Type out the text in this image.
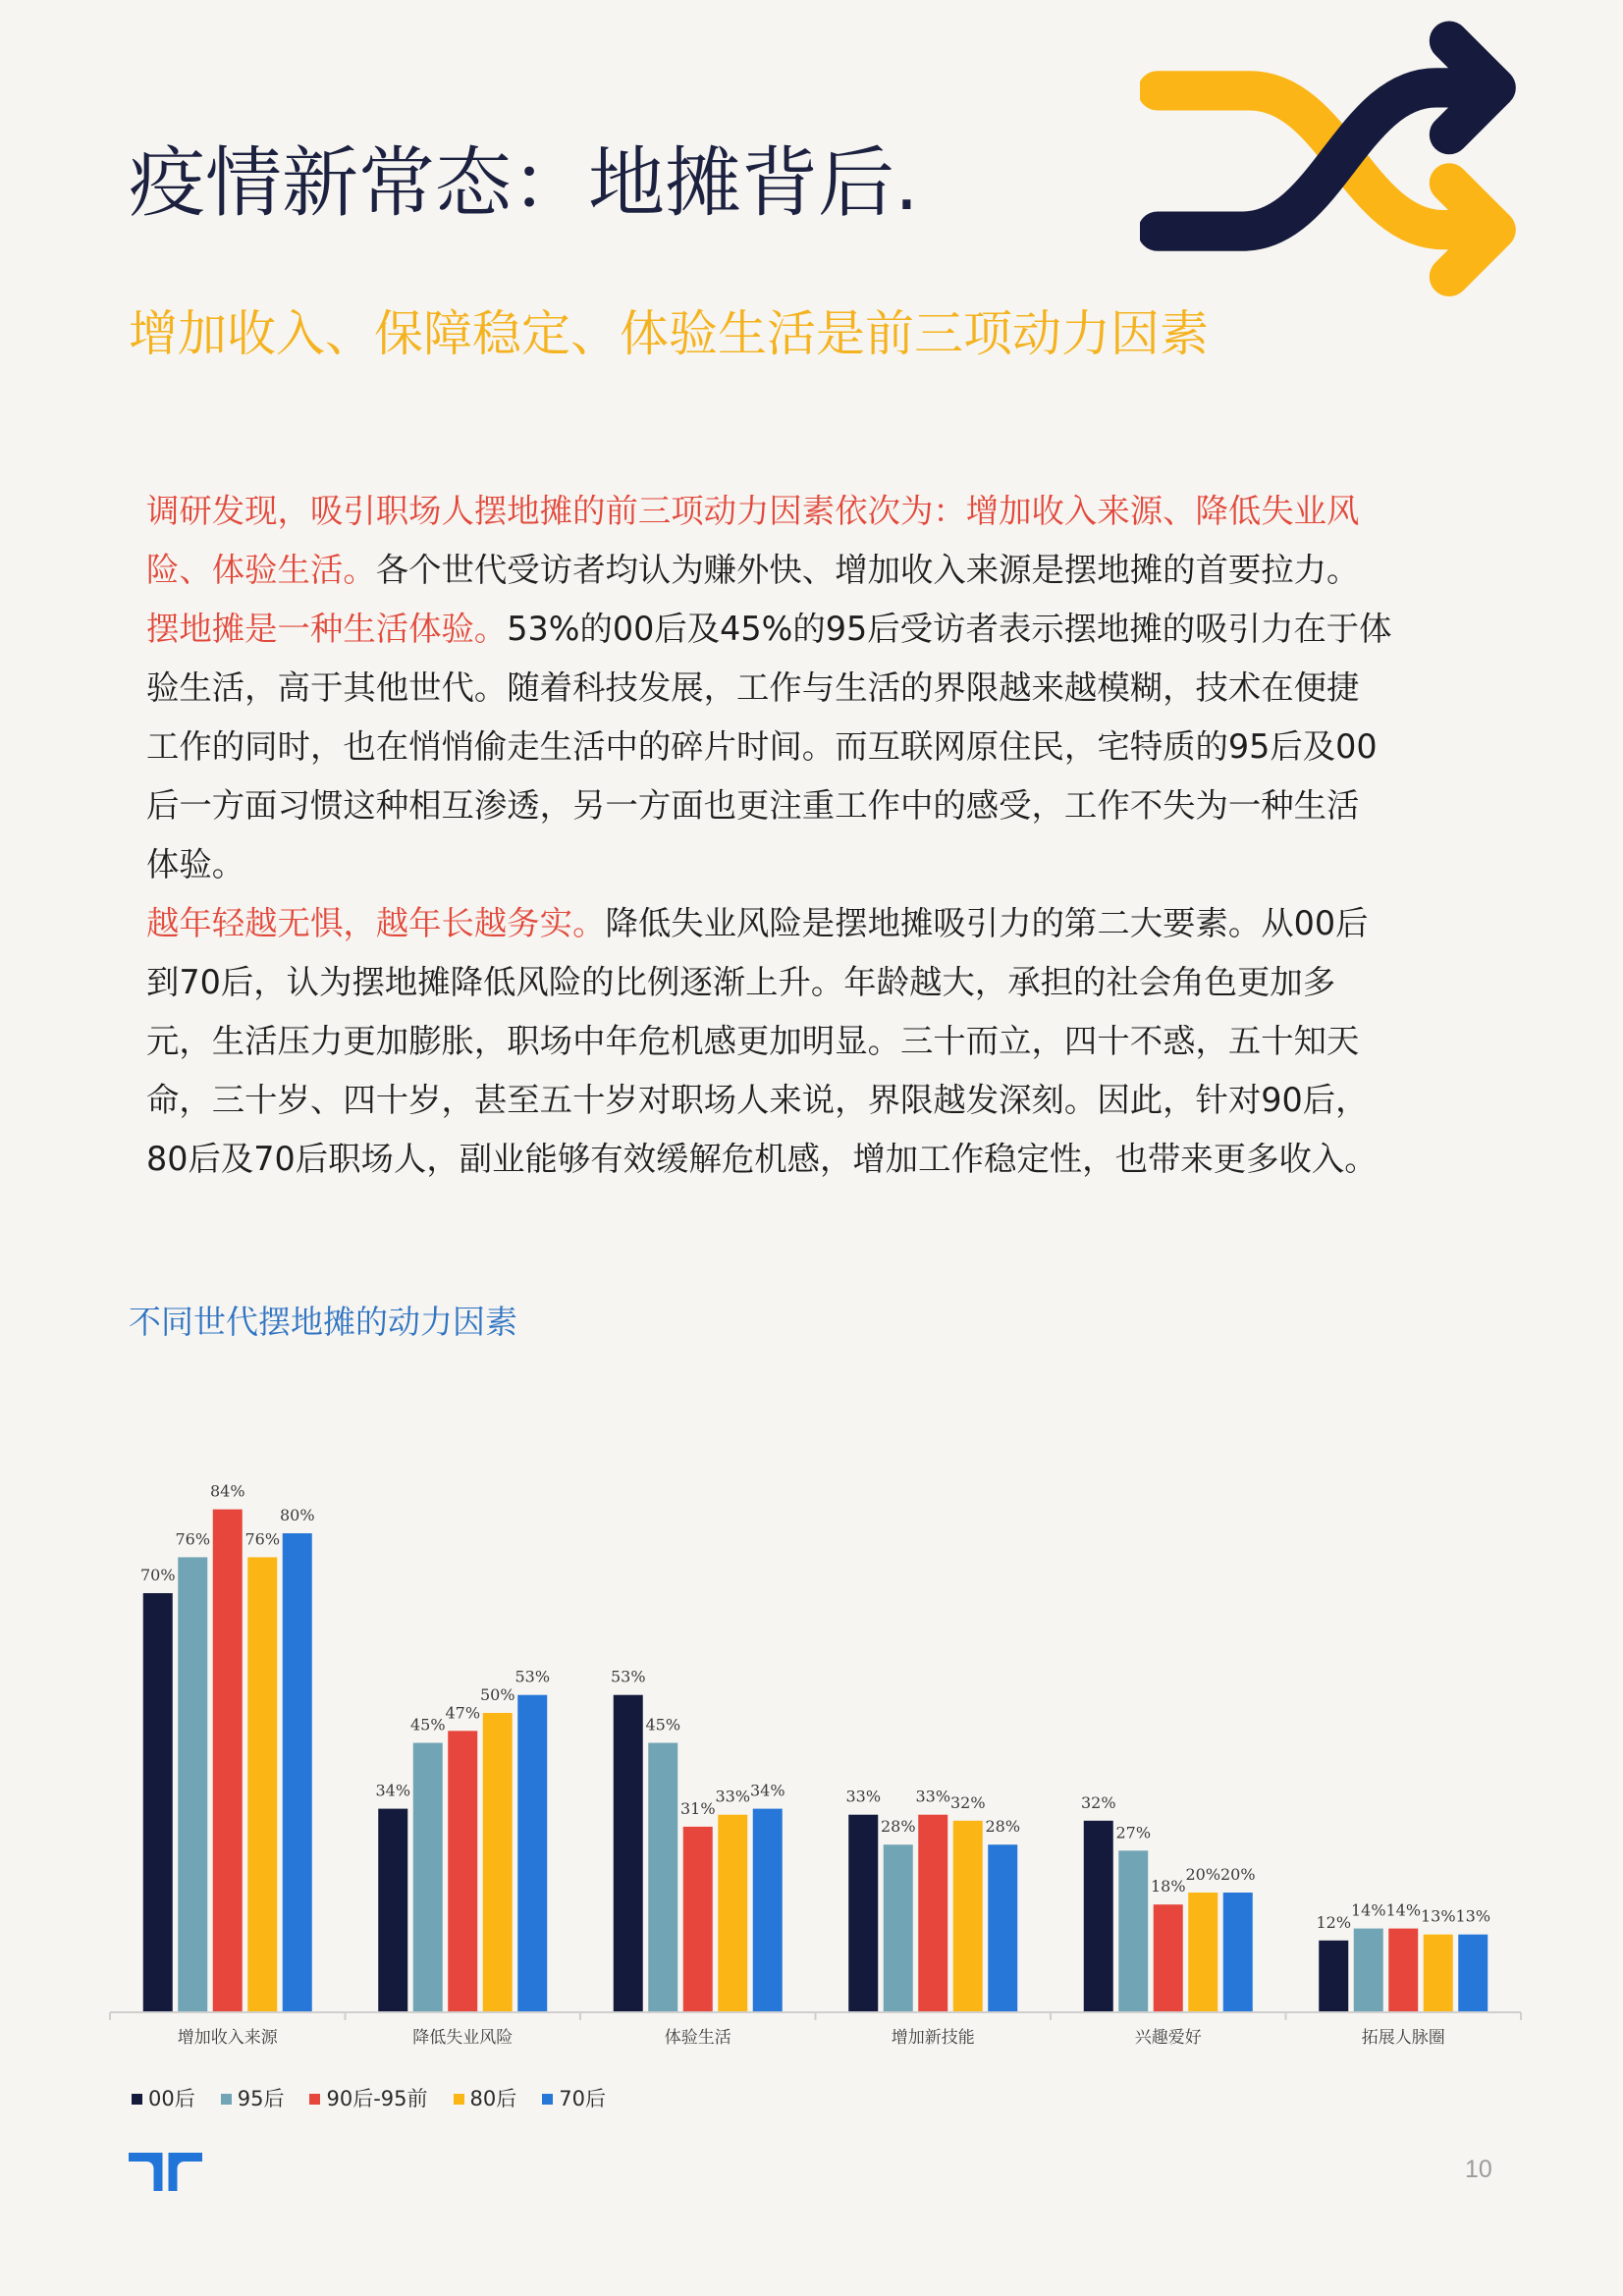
疫情新常态：地摊背后.
增加收入、保障稳定、体验生活是前三项动力因素
调研发现，吸引职场人摆地摊的前三项动力因素依次为：增加收入来源、降低失业风
险、体验生活。各个世代受访者均认为赚外快、增加收入来源是摆地摊的首要拉力。
摆地摊是一种生活体验。53%的00后及45%的95后受访者表示摆地摊的吸引力在于体
验生活，高于其他世代。随着科技发展，工作与生活的界限越来越模糊，技术在便捷
工作的同时，也在悄悄偷走生活中的碎片时间。而互联网原住民，宅特质的95后及00
后一方面习惯这种相互渗透，另一方面也更注重工作中的感受，工作不失为一种生活
体验。
越年轻越无惧，越年长越务实。降低失业风险是摆地摊吸引力的第二大要素。从00后
到70后，认为摆地摊降低风险的比例逐渐上升。年龄越大，承担的社会角色更加多
元，生活压力更加膨胀，职场中年危机感更加明显。三十而立，四十不惑，五十知天
命，三十岁、四十岁，甚至五十岁对职场人来说，界限越发深刻。因此，针对90后，
80后及70后职场人，副业能够有效缓解危机感，增加工作稳定性，也带来更多收入。
不同世代摆地摊的动力因素
70%
76%
84%
76%
80%
增加收入来源
34%
45%
47%
50%
53%
降低失业风险
53%
45%
31%
33% 34%
体验生活
33%
28%
33% 32%
28%
增加新技能
32%
27%
18%
20% 20%
兴趣爱好
12%
14% 14% 13% 13%
拓展人脉圈
00后 95后 90后-95前 80后 70后
10
